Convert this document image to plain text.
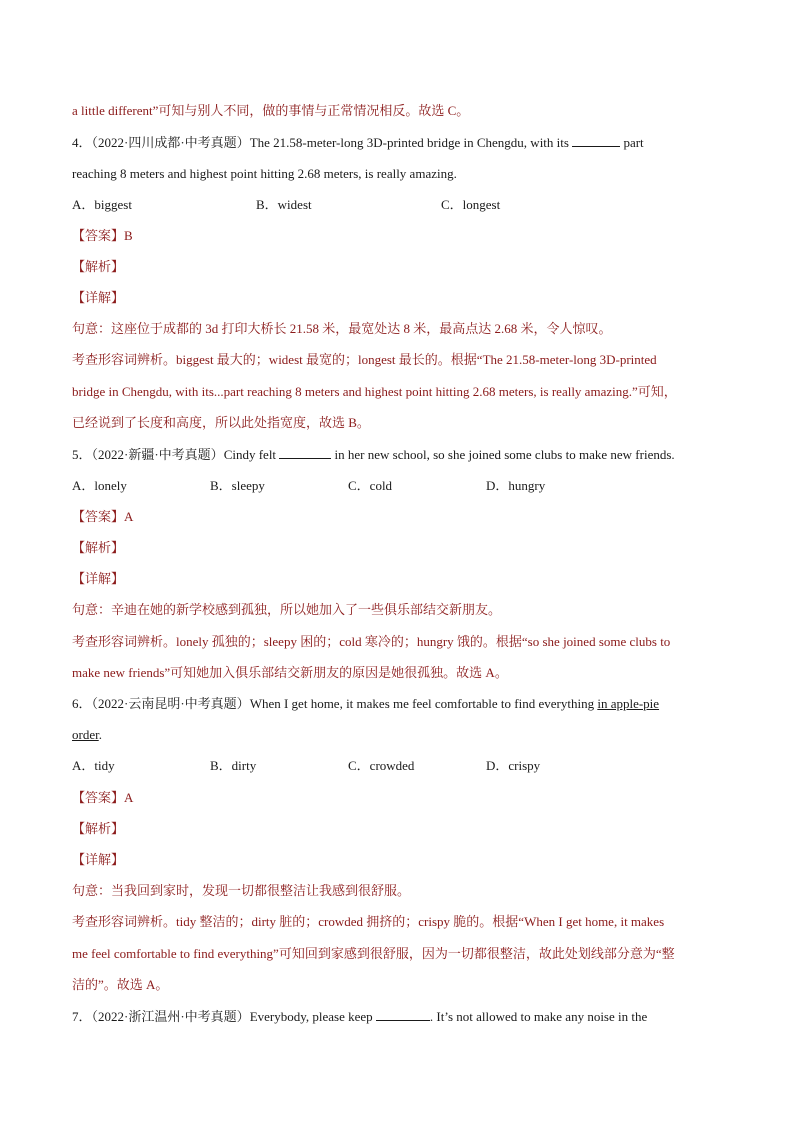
a little different”可知与别人不同，做的事情与正常情况相反。故选 C。
4．（2022·四川成都·中考真题）The 21.58-meter-long 3D-printed bridge in Chengdu, with its	part
reaching 8 meters and highest point hitting 2.68 meters, is really amazing.
A．biggest	B．widest	C．longest
【答案】B
【解析】
【详解】
句意：这座位于成都的 3d 打印大桥长 21.58 米，最宽处达 8 米，最高点达 2.68 米，令人惊叹。
考查形容词辨析。biggest 最大的；widest 最宽的；longest 最长的。根据“The 21.58-meter-long 3D-printed
bridge in Chengdu, with its...part reaching 8 meters and highest point hitting 2.68 meters, is really amazing.”可知，
已经说到了长度和高度，所以此处指宽度，故选 B。
5．（2022·新疆·中考真题）Cindy felt	in her new school, so she joined some clubs to make new friends.
A．lonely	B．sleepy	C．cold	D．hungry
【答案】A
【解析】
【详解】
句意：辛迪在她的新学校感到孤独，所以她加入了一些俱乐部结交新朋友。
考查形容词辨析。lonely 孤独的；sleepy 困的；cold 寒冷的；hungry 饿的。根据“so she joined some clubs to
make new friends”可知她加入俱乐部结交新朋友的原因是她很孤独。故选 A。
6．（2022·云南昆明·中考真题）When I get home, it makes me feel comfortable to find everything in apple-pie
order.
A．tidy	B．dirty	C．crowded	D．crispy
【答案】A
【解析】
【详解】
句意：当我回到家时，发现一切都很整洁让我感到很舒服。
考查形容词辨析。tidy 整洁的；dirty 脏的；crowded 拥挤的；crispy 脆的。根据“When I get home, it makes
me feel comfortable to find everything”可知回到家感到很舒服，因为一切都很整洁，故此处划线部分意为“整
洁的”。故选 A。
7．（2022·浙江温州·中考真题）Everybody, please keep	. It’s not allowed to make any noise in the
